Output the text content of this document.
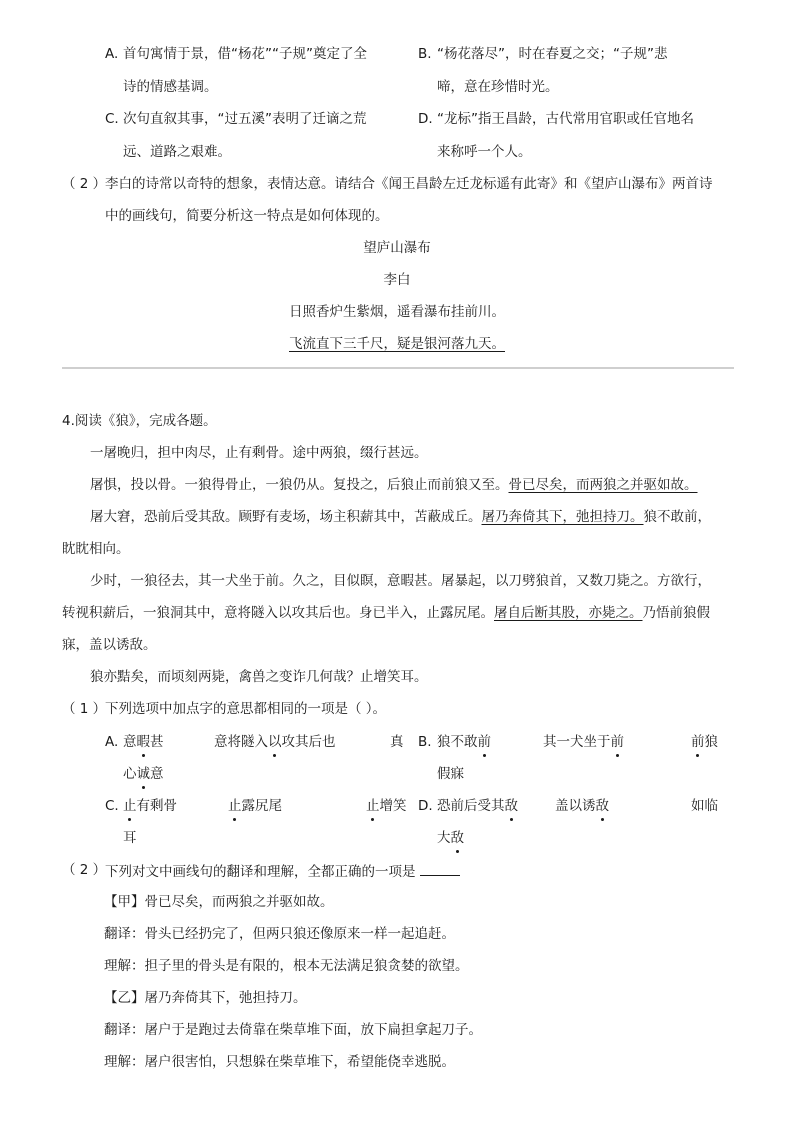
A. 首句寓情于景，借“杨花”“子规”奠定了全
诗的情感基调。
B. “杨花落尽”，时在春夏之交；“子规”悲
啼，意在珍惜时光。
C. 次句直叙其事，“过五溪”表明了迁谪之荒
远、道路之艰难。
D. “龙标”指王昌龄，古代常用官职或任官地名
来称呼一个人。
（ 2 ）
李白的诗常以奇特的想象，表情达意。请结合《闻王昌龄左迁龙标遥有此寄》和《望庐山瀑布》两首诗
中的画线句，简要分析这一特点是如何体现的。
望庐山瀑布
李白
日照香炉生紫烟，遥看瀑布挂前川。
飞流直下三千尺，疑是银河落九天。
4.阅读《狼》，完成各题。
一屠晚归，担中肉尽，止有剩骨。途中两狼，缀行甚远。
屠惧，投以骨。一狼得骨止，一狼仍从。复投之，后狼止而前狼又至。骨已尽矣，而两狼之并驱如故。
屠大窘，恐前后受其敌。顾野有麦场，场主积薪其中，苫蔽成丘。屠乃奔倚其下，弛担持刀。狼不敢前，
眈眈相向。
少时，一狼径去，其一犬坐于前。久之，目似瞑，意暇甚。屠暴起，以刀劈狼首，又数刀毙之。方欲行，
转视积薪后，一狼洞其中，意将隧入以攻其后也。身已半入，止露尻尾。屠自后断其股，亦毙之。乃悟前狼假
寐，盖以诱敌。
狼亦黠矣，而顷刻两毙，禽兽之变诈几何哉？止增笑耳。
（ 1 ）
下列选项中加点字的意思都相同的一项是（ ）。
A. 意暇甚	意将隧入以攻其后也	真
心诚意
B. 狼不敢前	其一犬坐于前	前狼
假寐
C. 止有剩骨	止露尻尾	止增笑
耳
D. 恐前后受其敌	盖以诱敌	如临
大敌
（ 2 ）
下列对文中画线句的翻译和理解，全都正确的一项是
【甲】骨已尽矣，而两狼之并驱如故。
翻译：骨头已经扔完了，但两只狼还像原来一样一起追赶。
理解：担子里的骨头是有限的，根本无法满足狼贪婪的欲望。
【乙】屠乃奔倚其下，弛担持刀。
翻译：屠户于是跑过去倚靠在柴草堆下面，放下扁担拿起刀子。
理解：屠户很害怕，只想躲在柴草堆下，希望能侥幸逃脱。
